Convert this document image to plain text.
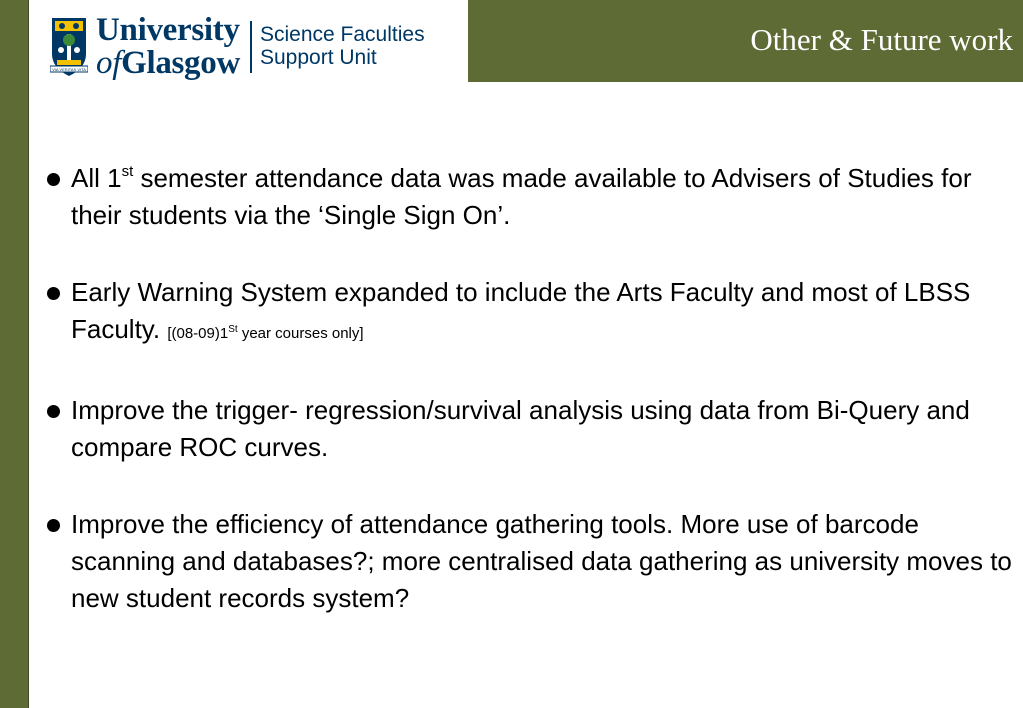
VIA VERITAS VITA
University
ofGlasgow
Science Faculties
Support Unit
Other & Future work
All 1st semester attendance data was made available to Advisers of Studies for their students via the ‘Single Sign On’.
Early Warning System expanded to include the Arts Faculty and most of LBSS Faculty. [(08-09)1St year courses only]
Improve the trigger- regression/survival analysis using data from Bi-Query and compare ROC curves.
Improve the efficiency of attendance gathering tools. More use of barcode scanning and databases?; more centralised data gathering as university moves to new student records system?
